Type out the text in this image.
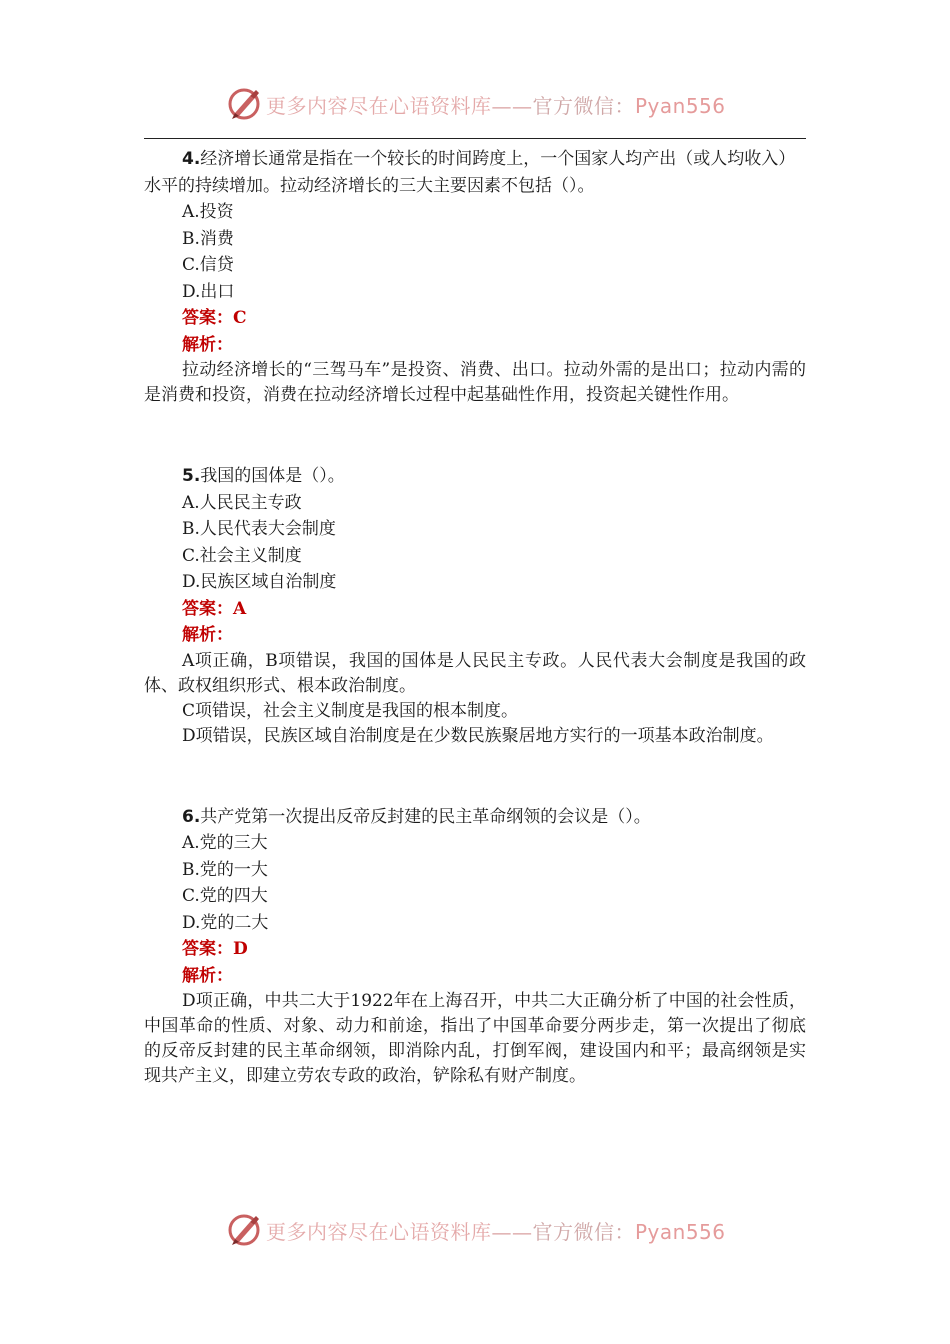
更多内容尽在心语资料库——官方微信：Pyan556

4.经济增长通常是指在一个较长的时间跨度上，一个国家人均产出（或人均收入）水平的持续增加。拉动经济增长的三大主要因素不包括（）。

A.投资
B.消费
C.信贷
D.出口
答案：C
解析：

拉动经济增长的“三驾马车”是投资、消费、出口。拉动外需的是出口；拉动内需的是消费和投资，消费在拉动经济增长过程中起基础性作用，投资起关键性作用。

5.我国的国体是（）。

A.人民民主专政
B.人民代表大会制度
C.社会主义制度
D.民族区域自治制度
答案：A
解析：

A项正确，B项错误，我国的国体是人民民主专政。人民代表大会制度是我国的政体、政权组织形式、根本政治制度。

C项错误，社会主义制度是我国的根本制度。

D项错误，民族区域自治制度是在少数民族聚居地方实行的一项基本政治制度。

6.共产党第一次提出反帝反封建的民主革命纲领的会议是（）。

A.党的三大
B.党的一大
C.党的四大
D.党的二大
答案：D
解析：

D项正确，中共二大于1922年在上海召开，中共二大正确分析了中国的社会性质，中国革命的性质、对象、动力和前途，指出了中国革命要分两步走，第一次提出了彻底的反帝反封建的民主革命纲领，即消除内乱，打倒军阀，建设国内和平；最高纲领是实现共产主义，即建立劳农专政的政治，铲除私有财产制度。

更多内容尽在心语资料库——官方微信：Pyan556
